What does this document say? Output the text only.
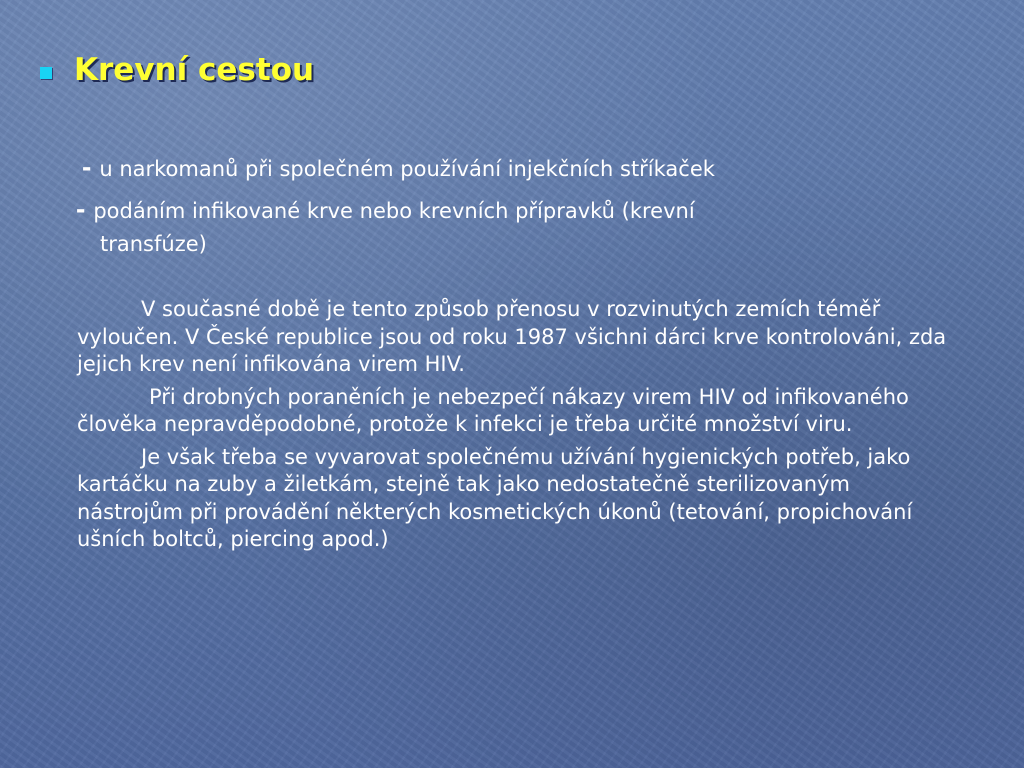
Krevní cestou
- u narkomanů při společném používání injekčních stříkaček
- podáním infikované krve nebo krevních přípravků (krevní
transfúze)

V současné době je tento způsob přenosu v rozvinutých zemích téměř vyloučen. V České republice jsou od roku 1987 všichni dárci krve kontrolováni, zda jejich krev není infikována virem HIV.

Při drobných poraněních je nebezpečí nákazy virem HIV od infikovaného člověka nepravděpodobné, protože k infekci je třeba určité množství viru.

Je však třeba se vyvarovat společnému užívání hygienických potřeb, jako kartáčku na zuby a žiletkám, stejně tak jako nedostatečně sterilizovaným nástrojům při provádění některých kosmetických úkonů (tetování, propichování ušních boltců, piercing apod.)
